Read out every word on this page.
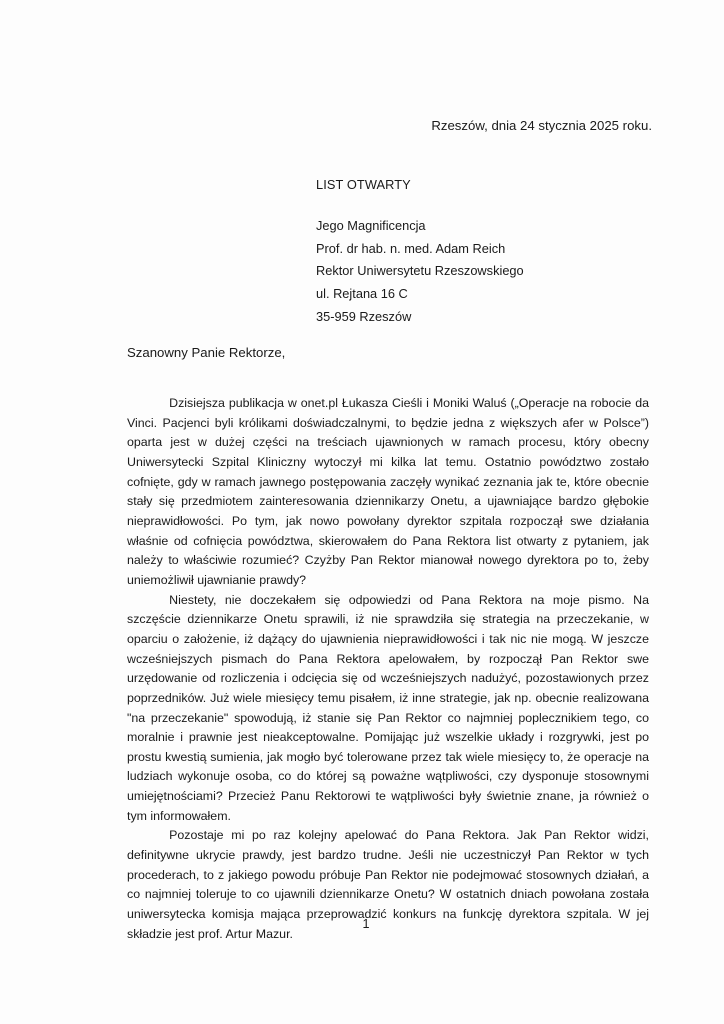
Rzeszów, dnia 24 stycznia 2025 roku.
LIST OTWARTY
Jego Magnificencja
Prof. dr hab. n. med. Adam Reich
Rektor Uniwersytetu Rzeszowskiego
ul. Rejtana 16 C
35-959 Rzeszów
Szanowny Panie Rektorze,

Dzisiejsza publikacja w onet.pl Łukasza Cieśli i Moniki Waluś („Operacje na robocie da Vinci. Pacjenci byli królikami doświadczalnymi, to będzie jedna z większych afer w Polsce”) oparta jest w dużej części na treściach ujawnionych w ramach procesu, który obecny Uniwersytecki Szpital Kliniczny wytoczył mi kilka lat temu. Ostatnio powództwo zostało cofnięte, gdy w ramach jawnego postępowania zaczęły wynikać zeznania jak te, które obecnie stały się przedmiotem zainteresowania dziennikarzy Onetu, a ujawniające bardzo głębokie nieprawidłowości. Po tym, jak nowo powołany dyrektor szpitala rozpoczął swe działania właśnie od cofnięcia powództwa, skierowałem do Pana Rektora list otwarty z pytaniem, jak należy to właściwie rozumieć? Czyżby Pan Rektor mianował nowego dyrektora po to, żeby uniemożliwił ujawnianie prawdy?

Niestety, nie doczekałem się odpowiedzi od Pana Rektora na moje pismo. Na szczęście dziennikarze Onetu sprawili, iż nie sprawdziła się strategia na przeczekanie, w oparciu o założenie, iż dążący do ujawnienia nieprawidłowości i tak nic nie mogą. W jeszcze wcześniejszych pismach do Pana Rektora apelowałem, by rozpoczął Pan Rektor swe urzędowanie od rozliczenia i odcięcia się od wcześniejszych nadużyć, pozostawionych przez poprzedników. Już wiele miesięcy temu pisałem, iż inne strategie, jak np. obecnie realizowana "na przeczekanie" spowodują, iż stanie się Pan Rektor co najmniej poplecznikiem tego, co moralnie i prawnie jest nieakceptowalne. Pomijając już wszelkie układy i rozgrywki, jest po prostu kwestią sumienia, jak mogło być tolerowane przez tak wiele miesięcy to, że operacje na ludziach wykonuje osoba, co do której są poważne wątpliwości, czy dysponuje stosownymi umiejętnościami? Przecież Panu Rektorowi te wątpliwości były świetnie znane, ja również o tym informowałem.

Pozostaje mi po raz kolejny apelować do Pana Rektora. Jak Pan Rektor widzi, definitywne ukrycie prawdy, jest bardzo trudne. Jeśli nie uczestniczył Pan Rektor w tych procederach, to z jakiego powodu próbuje Pan Rektor nie podejmować stosownych działań, a co najmniej toleruje to co ujawnili dziennikarze Onetu? W ostatnich dniach powołana została uniwersytecka komisja mająca przeprowadzić konkurs na funkcję dyrektora szpitala. W jej składzie jest prof. Artur Mazur.

1
